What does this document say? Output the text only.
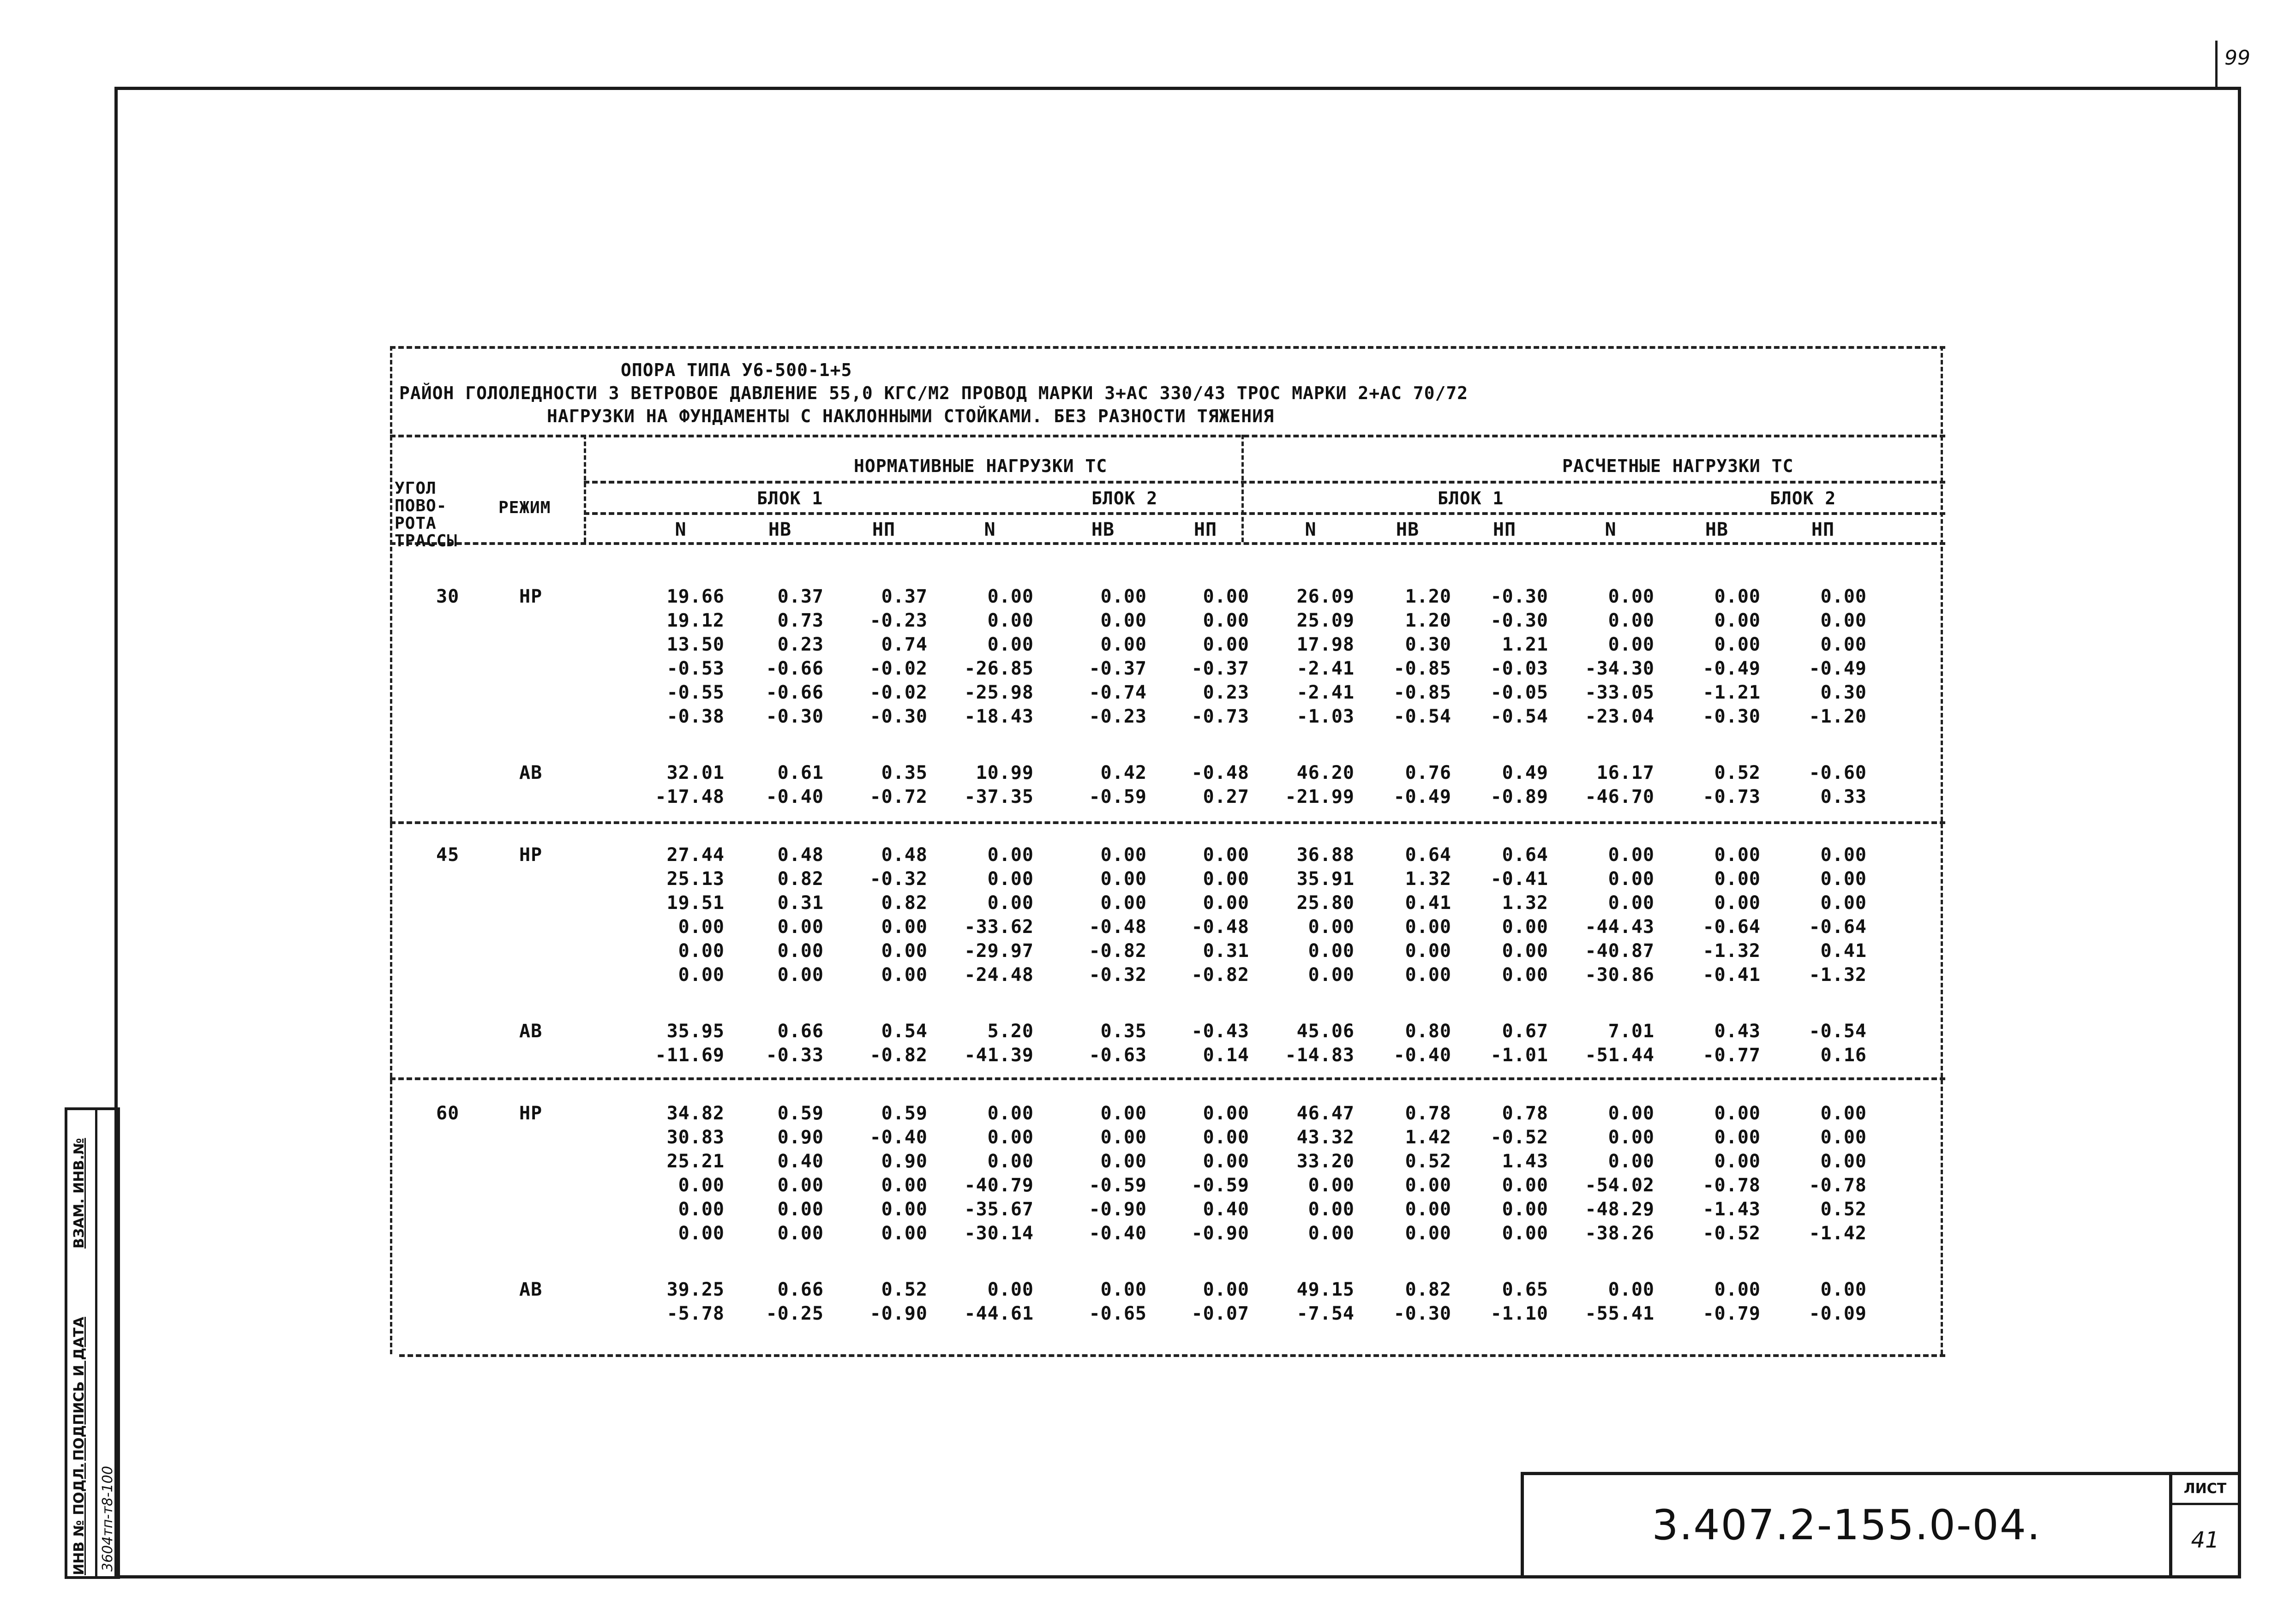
99
ИНВ № ПОДЛ.
ПОДПИСЬ И ДАТА
ВЗАМ. ИНВ.№
3604тп-т8-100	3.407.2-155.0-04.
ЛИСТ
41
ОПОРА ТИПА У6-500-1+5
РАЙОН ГОЛОЛЕДНОСТИ 3 ВЕТРОВОЕ ДАВЛЕНИЕ 55,0 КГС/М2 ПРОВОД МАРКИ 3+АС 330/43 ТРОС МАРКИ 2+АС 70/72
НАГРУЗКИ НА ФУНДАМЕНТЫ С НАКЛОННЫМИ СТОЙКАМИ. БЕЗ РАЗНОСТИ ТЯЖЕНИЯ
УГОЛ
ПОВО-
РОТА
ТРАССЫ
РЕЖИМ
НОРМАТИВНЫЕ НАГРУЗКИ ТС	РАСЧЕТНЫЕ НАГРУЗКИ ТС
БЛОК 1	БЛОК 2	БЛОК 1	БЛОК 2
N	НВ	НП	N	НВ	НП	N	НВ	НП	N	НВ	НП
30	НР	19.66	0.37	0.37	0.00	0.00	0.00	26.09	1.20	-0.30	0.00	0.00	0.00
19.12	0.73	-0.23	0.00	0.00	0.00	25.09	1.20	-0.30	0.00	0.00	0.00
13.50	0.23	0.74	0.00	0.00	0.00	17.98	0.30	1.21	0.00	0.00	0.00
-0.53	-0.66	-0.02	-26.85	-0.37	-0.37	-2.41	-0.85	-0.03	-34.30	-0.49	-0.49
-0.55	-0.66	-0.02	-25.98	-0.74	0.23	-2.41	-0.85	-0.05	-33.05	-1.21	0.30
-0.38	-0.30	-0.30	-18.43	-0.23	-0.73	-1.03	-0.54	-0.54	-23.04	-0.30	-1.20
АВ	32.01	0.61	0.35	10.99	0.42	-0.48	46.20	0.76	0.49	16.17	0.52	-0.60
-17.48	-0.40	-0.72	-37.35	-0.59	0.27	-21.99	-0.49	-0.89	-46.70	-0.73	0.33
45	НР	27.44	0.48	0.48	0.00	0.00	0.00	36.88	0.64	0.64	0.00	0.00	0.00
25.13	0.82	-0.32	0.00	0.00	0.00	35.91	1.32	-0.41	0.00	0.00	0.00
19.51	0.31	0.82	0.00	0.00	0.00	25.80	0.41	1.32	0.00	0.00	0.00
0.00	0.00	0.00	-33.62	-0.48	-0.48	0.00	0.00	0.00	-44.43	-0.64	-0.64
0.00	0.00	0.00	-29.97	-0.82	0.31	0.00	0.00	0.00	-40.87	-1.32	0.41
0.00	0.00	0.00	-24.48	-0.32	-0.82	0.00	0.00	0.00	-30.86	-0.41	-1.32
АВ	35.95	0.66	0.54	5.20	0.35	-0.43	45.06	0.80	0.67	7.01	0.43	-0.54
-11.69	-0.33	-0.82	-41.39	-0.63	0.14	-14.83	-0.40	-1.01	-51.44	-0.77	0.16
60	НР	34.82	0.59	0.59	0.00	0.00	0.00	46.47	0.78	0.78	0.00	0.00	0.00
30.83	0.90	-0.40	0.00	0.00	0.00	43.32	1.42	-0.52	0.00	0.00	0.00
25.21	0.40	0.90	0.00	0.00	0.00	33.20	0.52	1.43	0.00	0.00	0.00
0.00	0.00	0.00	-40.79	-0.59	-0.59	0.00	0.00	0.00	-54.02	-0.78	-0.78
0.00	0.00	0.00	-35.67	-0.90	0.40	0.00	0.00	0.00	-48.29	-1.43	0.52
0.00	0.00	0.00	-30.14	-0.40	-0.90	0.00	0.00	0.00	-38.26	-0.52	-1.42
АВ	39.25	0.66	0.52	0.00	0.00	0.00	49.15	0.82	0.65	0.00	0.00	0.00
-5.78	-0.25	-0.90	-44.61	-0.65	-0.07	-7.54	-0.30	-1.10	-55.41	-0.79	-0.09
